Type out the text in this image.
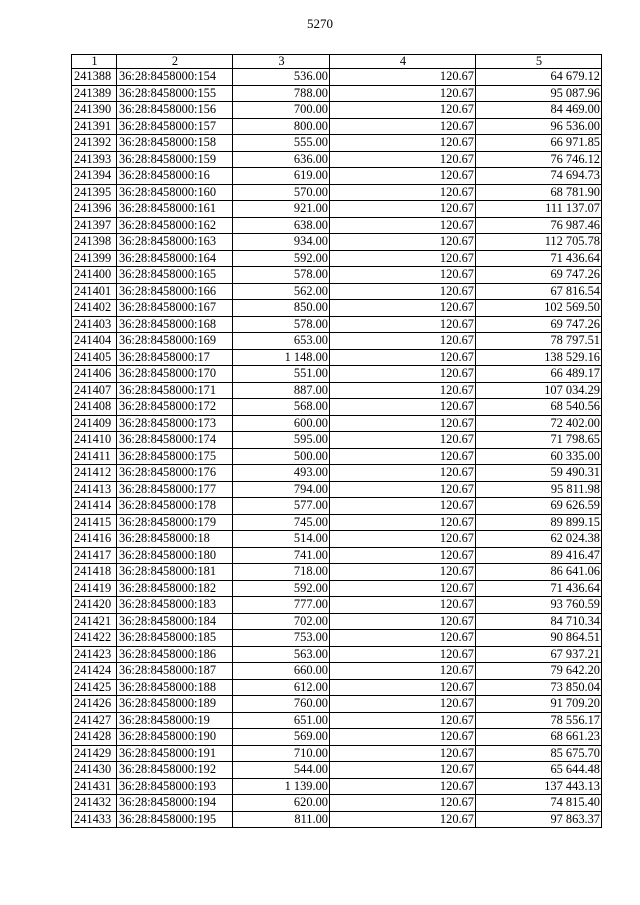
5270
1	2	3	4	5
241388	36:28:8458000:154	536.00	120.67	64 679.12
241389	36:28:8458000:155	788.00	120.67	95 087.96
241390	36:28:8458000:156	700.00	120.67	84 469.00
241391	36:28:8458000:157	800.00	120.67	96 536.00
241392	36:28:8458000:158	555.00	120.67	66 971.85
241393	36:28:8458000:159	636.00	120.67	76 746.12
241394	36:28:8458000:16	619.00	120.67	74 694.73
241395	36:28:8458000:160	570.00	120.67	68 781.90
241396	36:28:8458000:161	921.00	120.67	111 137.07
241397	36:28:8458000:162	638.00	120.67	76 987.46
241398	36:28:8458000:163	934.00	120.67	112 705.78
241399	36:28:8458000:164	592.00	120.67	71 436.64
241400	36:28:8458000:165	578.00	120.67	69 747.26
241401	36:28:8458000:166	562.00	120.67	67 816.54
241402	36:28:8458000:167	850.00	120.67	102 569.50
241403	36:28:8458000:168	578.00	120.67	69 747.26
241404	36:28:8458000:169	653.00	120.67	78 797.51
241405	36:28:8458000:17	1 148.00	120.67	138 529.16
241406	36:28:8458000:170	551.00	120.67	66 489.17
241407	36:28:8458000:171	887.00	120.67	107 034.29
241408	36:28:8458000:172	568.00	120.67	68 540.56
241409	36:28:8458000:173	600.00	120.67	72 402.00
241410	36:28:8458000:174	595.00	120.67	71 798.65
241411	36:28:8458000:175	500.00	120.67	60 335.00
241412	36:28:8458000:176	493.00	120.67	59 490.31
241413	36:28:8458000:177	794.00	120.67	95 811.98
241414	36:28:8458000:178	577.00	120.67	69 626.59
241415	36:28:8458000:179	745.00	120.67	89 899.15
241416	36:28:8458000:18	514.00	120.67	62 024.38
241417	36:28:8458000:180	741.00	120.67	89 416.47
241418	36:28:8458000:181	718.00	120.67	86 641.06
241419	36:28:8458000:182	592.00	120.67	71 436.64
241420	36:28:8458000:183	777.00	120.67	93 760.59
241421	36:28:8458000:184	702.00	120.67	84 710.34
241422	36:28:8458000:185	753.00	120.67	90 864.51
241423	36:28:8458000:186	563.00	120.67	67 937.21
241424	36:28:8458000:187	660.00	120.67	79 642.20
241425	36:28:8458000:188	612.00	120.67	73 850.04
241426	36:28:8458000:189	760.00	120.67	91 709.20
241427	36:28:8458000:19	651.00	120.67	78 556.17
241428	36:28:8458000:190	569.00	120.67	68 661.23
241429	36:28:8458000:191	710.00	120.67	85 675.70
241430	36:28:8458000:192	544.00	120.67	65 644.48
241431	36:28:8458000:193	1 139.00	120.67	137 443.13
241432	36:28:8458000:194	620.00	120.67	74 815.40
241433	36:28:8458000:195	811.00	120.67	97 863.37
